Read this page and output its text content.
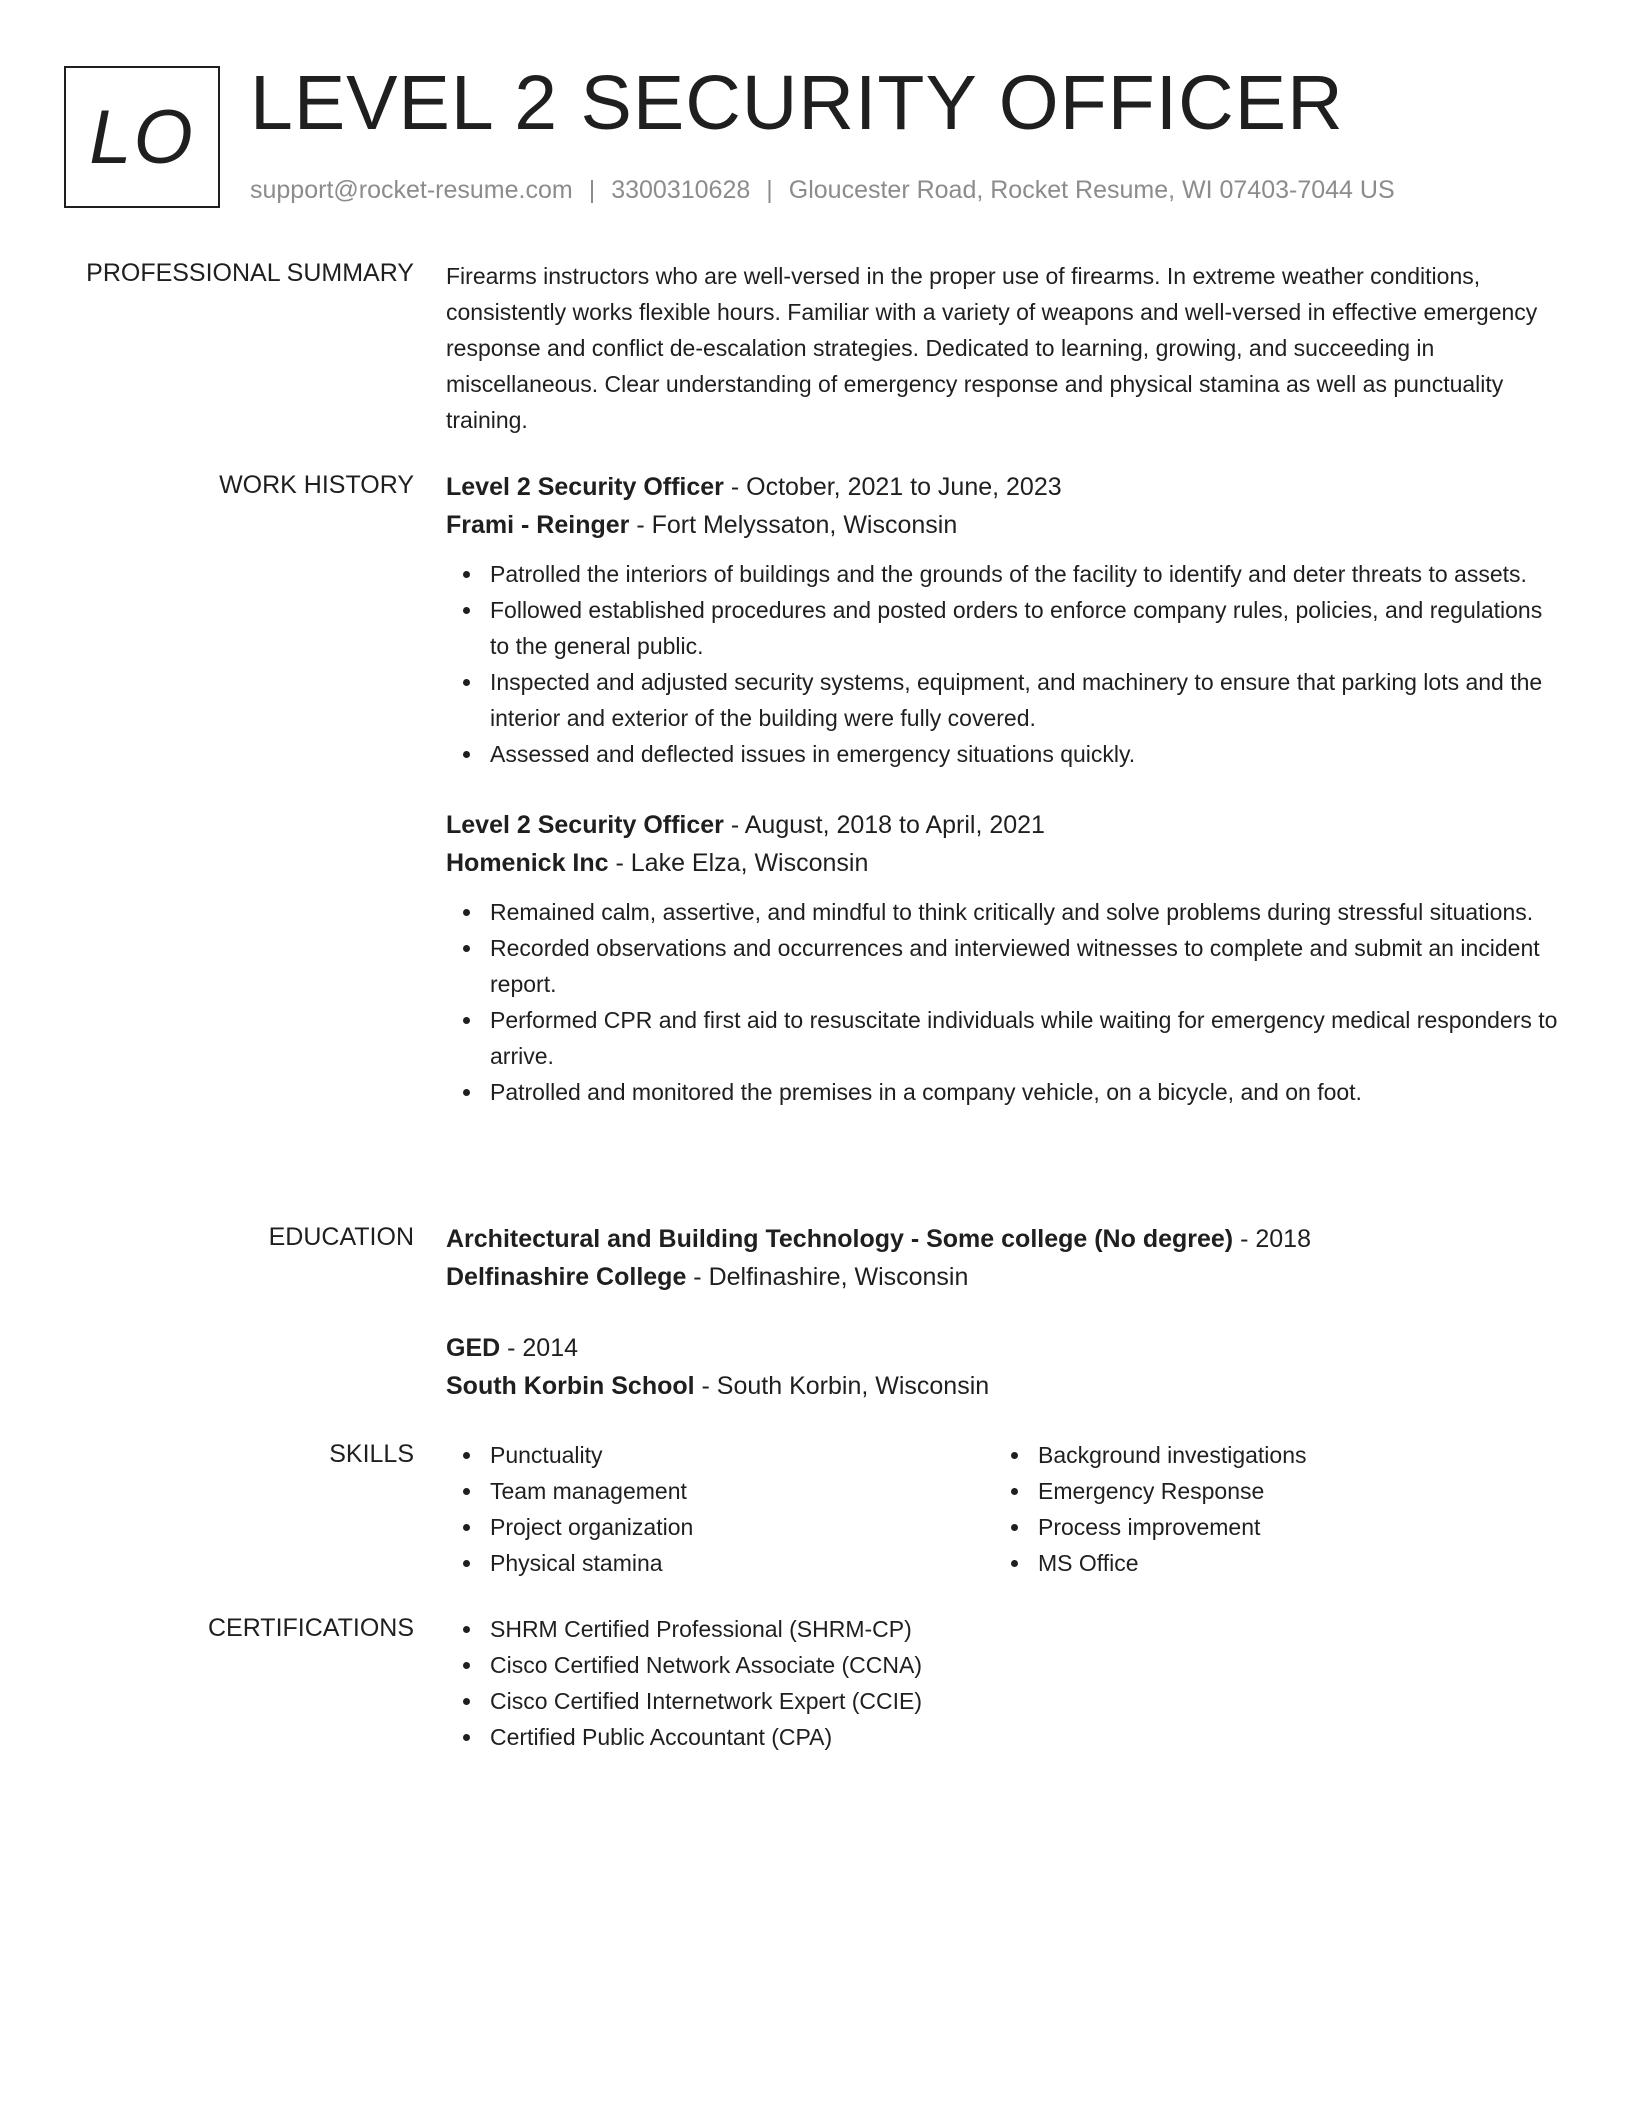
LO LEVEL 2 SECURITY OFFICER
support@rocket-resume.com | 3300310628 | Gloucester Road, Rocket Resume, WI 07403-7044 US
PROFESSIONAL SUMMARY Firearms instructors who are well-versed in the proper use of firearms. In extreme weather conditions, consistently works flexible hours. Familiar with a variety of weapons and well-versed in effective emergency response and conflict de-escalation strategies. Dedicated to learning, growing, and succeeding in miscellaneous. Clear understanding of emergency response and physical stamina as well as punctuality training.

WORK HISTORY Level 2 Security Officer - October, 2021 to June, 2023
Frami - Reinger - Fort Melyssaton, Wisconsin
Patrolled the interiors of buildings and the grounds of the facility to identify and deter threats to assets.
Followed established procedures and posted orders to enforce company rules, policies, and regulations to the general public.
Inspected and adjusted security systems, equipment, and machinery to ensure that parking lots and the interior and exterior of the building were fully covered.
Assessed and deflected issues in emergency situations quickly.
Level 2 Security Officer - August, 2018 to April, 2021
Homenick Inc - Lake Elza, Wisconsin
Remained calm, assertive, and mindful to think critically and solve problems during stressful situations.
Recorded observations and occurrences and interviewed witnesses to complete and submit an incident report.
Performed CPR and first aid to resuscitate individuals while waiting for emergency medical responders to arrive.
Patrolled and monitored the premises in a company vehicle, on a bicycle, and on foot.
EDUCATION Architectural and Building Technology - Some college (No degree) - 2018
Delfinashire College - Delfinashire, Wisconsin
GED - 2014
South Korbin School - South Korbin, Wisconsin
SKILLS	Punctuality
Team management
Project organization
Physical stamina
Background investigations
Emergency Response
Process improvement
MS Office
CERTIFICATIONS	SHRM Certified Professional (SHRM-CP)
Cisco Certified Network Associate (CCNA)
Cisco Certified Internetwork Expert (CCIE)
Certified Public Accountant (CPA)
